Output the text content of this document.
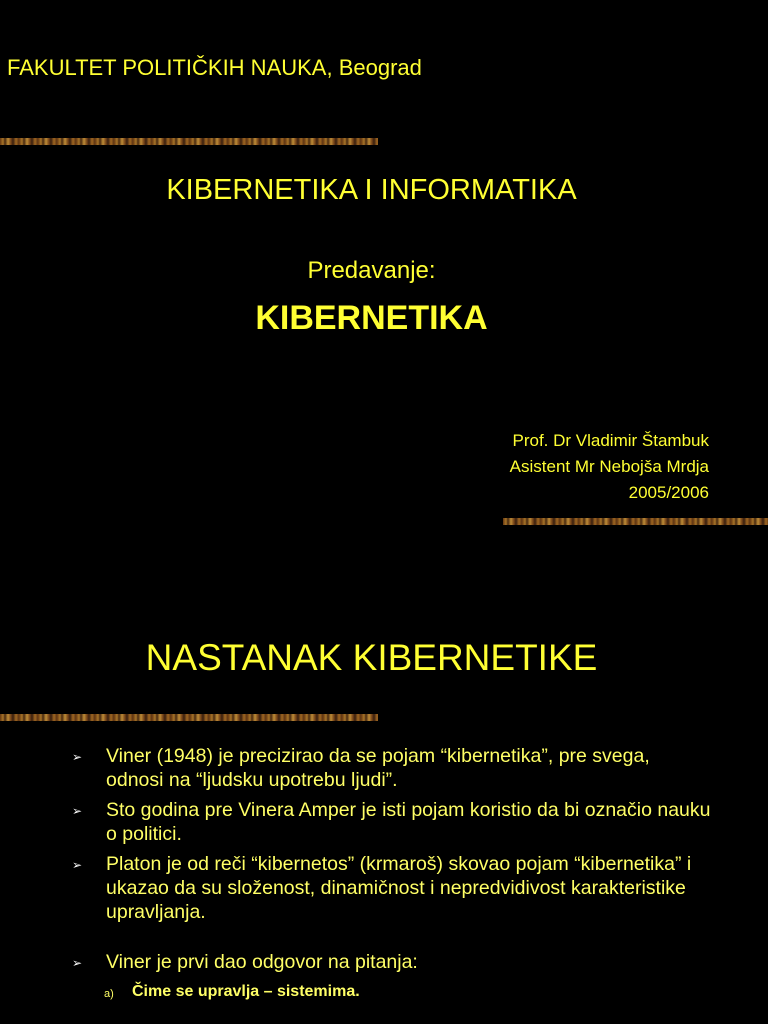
FAKULTET POLITIČKIH NAUKA, Beograd
KIBERNETIKA I INFORMATIKA
Predavanje:
KIBERNETIKA
Prof. Dr Vladimir Štambuk
Asistent Mr Nebojša Mrdja
2005/2006
NASTANAK KIBERNETIKE
➢ Viner (1948) je precizirao da se pojam “kibernetika”, pre svega, odnosi na “ljudsku upotrebu ljudi”.
➢ Sto godina pre Vinera Amper je isti pojam koristio da bi označio nauku o politici.
➢ Platon je od reči “kibernetos” (krmaroš) skovao pojam “kibernetika” i ukazao da su složenost, dinamičnost i nepredvidivost karakteristike upravljanja.
➢ Viner je prvi dao odgovor na pitanja:
a)	Čime se upravlja – sistemima.
